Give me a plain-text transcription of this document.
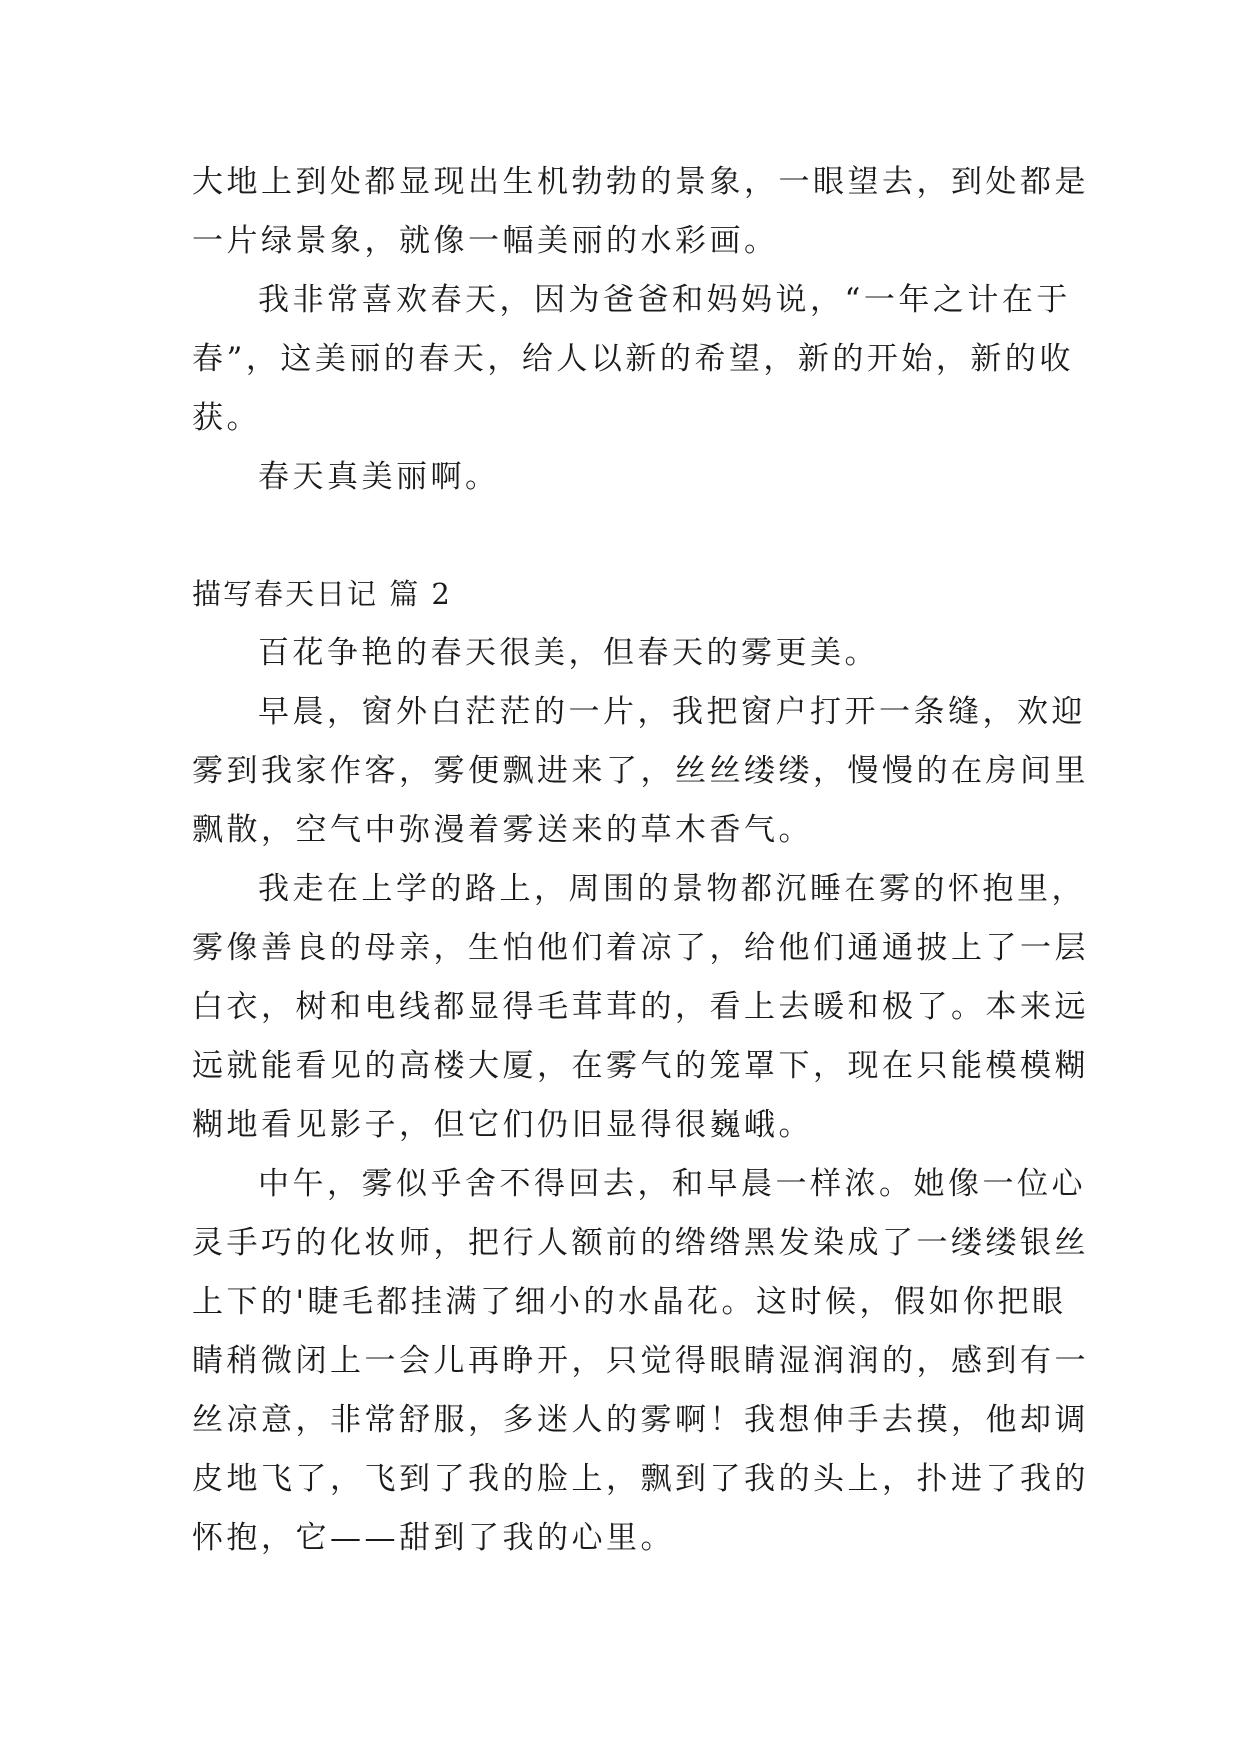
大地上到处都显现出生机勃勃的景象，一眼望去，到处都是
一片绿景象，就像一幅美丽的水彩画。
我非常喜欢春天，因为爸爸和妈妈说，“一年之计在于
春”，这美丽的春天，给人以新的希望，新的开始，新的收
获。
春天真美丽啊。
描写春天日记 篇 2
百花争艳的春天很美，但春天的雾更美。
早晨，窗外白茫茫的一片，我把窗户打开一条缝，欢迎
雾到我家作客，雾便飘进来了，丝丝缕缕，慢慢的在房间里
飘散，空气中弥漫着雾送来的草木香气。
我走在上学的路上，周围的景物都沉睡在雾的怀抱里，
雾像善良的母亲，生怕他们着凉了，给他们通通披上了一层
白衣，树和电线都显得毛茸茸的，看上去暖和极了。本来远
远就能看见的高楼大厦，在雾气的笼罩下，现在只能模模糊
糊地看见影子，但它们仍旧显得很巍峨。
中午，雾似乎舍不得回去，和早晨一样浓。她像一位心
灵手巧的化妆师，把行人额前的绺绺黑发染成了一缕缕银丝
上下的'睫毛都挂满了细小的水晶花。这时候，假如你把眼
睛稍微闭上一会儿再睁开，只觉得眼睛湿润润的，感到有一
丝凉意，非常舒服，多迷人的雾啊！我想伸手去摸，他却调
皮地飞了，飞到了我的脸上，飘到了我的头上，扑进了我的
怀抱，它——甜到了我的心里。
